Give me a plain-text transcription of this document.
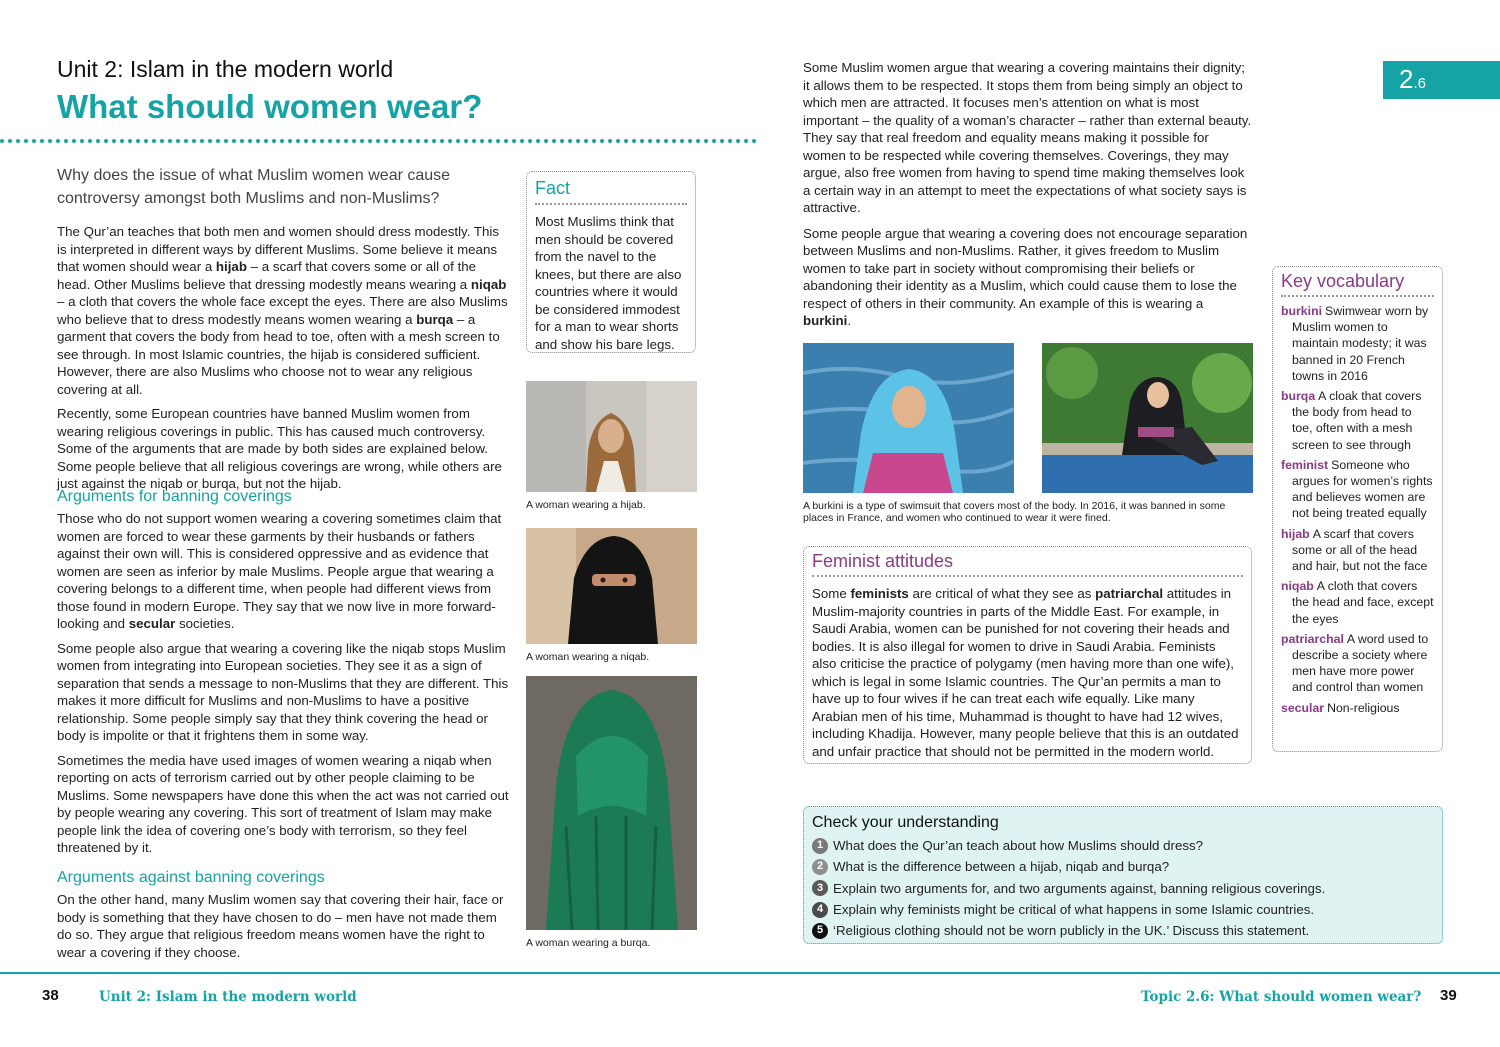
Unit 2: Islam in the modern world
What should women wear?
Why does the issue of what Muslim women wear cause controversy amongst both Muslims and non-Muslims?

The Qur’an teaches that both men and women should dress modestly. This is interpreted in different ways by different Muslims. Some believe it means that women should wear a hijab – a scarf that covers some or all of the head. Other Muslims believe that dressing modestly means wearing a niqab – a cloth that covers the whole face except the eyes. There are also Muslims who believe that to dress modestly means women wearing a burqa – a garment that covers the body from head to toe, often with a mesh screen to see through. In most Islamic countries, the hijab is considered sufficient. However, there are also Muslims who choose not to wear any religious covering at all.

Recently, some European countries have banned Muslim women from wearing religious coverings in public. This has caused much controversy. Some of the arguments that are made by both sides are explained below. Some people believe that all religious coverings are wrong, while others are just against the niqab or burqa, but not the hijab.

Arguments for banning coverings

Those who do not support women wearing a covering sometimes claim that women are forced to wear these garments by their husbands or fathers against their own will. This is considered oppressive and as evidence that women are seen as inferior by male Muslims. People argue that wearing a covering belongs to a different time, when people had different views from those found in modern Europe. They say that we now live in more forward-looking and secular societies.

Some people also argue that wearing a covering like the niqab stops Muslim women from integrating into European societies. They see it as a sign of separation that sends a message to non-Muslims that they are different. This makes it more difficult for Muslims and non-Muslims to have a positive relationship. Some people simply say that they think covering the head or body is impolite or that it frightens them in some way.

Sometimes the media have used images of women wearing a niqab when reporting on acts of terrorism carried out by other people claiming to be Muslims. Some newspapers have done this when the act was not carried out by people wearing any covering. This sort of treatment of Islam may make people link the idea of covering one’s body with terrorism, so they feel threatened by it.

Arguments against banning coverings

On the other hand, many Muslim women say that covering their hair, face or body is something that they have chosen to do – men have not made them do so. They argue that religious freedom means women have the right to wear a covering if they choose.

Fact
Most Muslims think that men should be covered from the navel to the knees, but there are also countries where it would be considered immodest for a man to wear shorts and show his bare legs.
A woman wearing a hijab.
A woman wearing a niqab.
A woman wearing a burqa.

Some Muslim women argue that wearing a covering maintains their dignity; it allows them to be respected. It stops them from being simply an object to which men are attracted. It focuses men’s attention on what is most important – the quality of a woman’s character – rather than external beauty. They say that real freedom and equality means making it possible for women to be respected while covering themselves. Coverings, they may argue, also free women from having to spend time making themselves look a certain way in an attempt to meet the expectations of what society says is attractive.

Some people argue that wearing a covering does not encourage separation between Muslims and non-Muslims. Rather, it gives freedom to Muslim women to take part in society without compromising their beliefs or abandoning their identity as a Muslim, which could cause them to lose the respect of others in their community. An example of this is wearing a burkini.

2.6
A burkini is a type of swimsuit that covers most of the body. In 2016, it was banned in some places in France, and women who continued to wear it were fined.
Feminist attitudes
Some feminists are critical of what they see as patriarchal attitudes in Muslim-majority countries in parts of the Middle East. For example, in Saudi Arabia, women can be punished for not covering their heads and bodies. It is also illegal for women to drive in Saudi Arabia. Feminists also criticise the practice of polygamy (men having more than one wife), which is legal in some Islamic countries. The Qur’an permits a man to have up to four wives if he can treat each wife equally. Like many Arabian men of his time, Muhammad is thought to have had 12 wives, including Khadija. However, many people believe that this is an outdated and unfair practice that should not be permitted in the modern world.
Key vocabulary
burkini Swimwear worn by Muslim women to maintain modesty; it was banned in 20 French towns in 2016
burqa A cloak that covers the body from head to toe, often with a mesh screen to see through
feminist Someone who argues for women’s rights and believes women are not being treated equally
hijab A scarf that covers some or all of the head and hair, but not the face
niqab A cloth that covers the head and face, except the eyes
patriarchal A word used to describe a society where men have more power and control than women
secular Non-religious
Check your understanding
1 What does the Qur’an teach about how Muslims should dress?
2 What is the difference between a hijab, niqab and burqa?
3 Explain two arguments for, and two arguments against, banning religious coverings.
4 Explain why feminists might be critical of what happens in some Islamic countries.
5 ‘Religious clothing should not be worn publicly in the UK.’ Discuss this statement.
38	Unit 2: Islam in the modern world	Topic 2.6: What should women wear? 39
